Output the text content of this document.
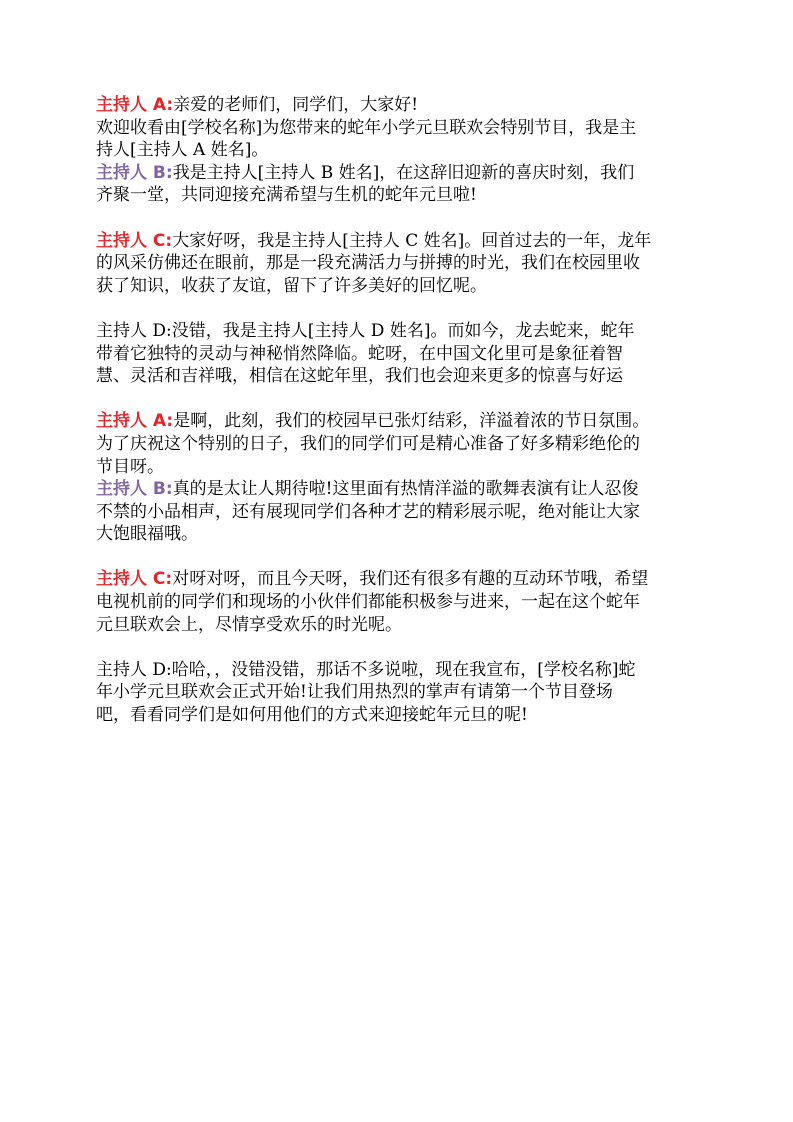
主持人 A:亲爱的老师们，同学们，大家好!
欢迎收看由[学校名称]为您带来的蛇年小学元旦联欢会特别节目，我是主
持人[主持人 A 姓名]。
主持人 B:我是主持人[主持人 B 姓名]，在这辞旧迎新的喜庆时刻，我们
齐聚一堂，共同迎接充满希望与生机的蛇年元旦啦!
主持人 C:大家好呀，我是主持人[主持人 C 姓名]。回首过去的一年，龙年
的风采仿佛还在眼前，那是一段充满活力与拼搏的时光，我们在校园里收
获了知识，收获了友谊，留下了许多美好的回忆呢。
主持人 D:没错，我是主持人[主持人 D 姓名]。而如今，龙去蛇来，蛇年
带着它独特的灵动与神秘悄然降临。蛇呀，在中国文化里可是象征着智
慧、灵活和吉祥哦，相信在这蛇年里，我们也会迎来更多的惊喜与好运
主持人 A:是啊，此刻，我们的校园早已张灯结彩，洋溢着浓的节日氛围。
为了庆祝这个特别的日子，我们的同学们可是精心准备了好多精彩绝伦的
节目呀。
主持人 B:真的是太让人期待啦!这里面有热情洋溢的歌舞表演有让人忍俊
不禁的小品相声，还有展现同学们各种才艺的精彩展示呢，绝对能让大家
大饱眼福哦。
主持人 C:对呀对呀，而且今天呀，我们还有很多有趣的互动环节哦，希望
电视机前的同学们和现场的小伙伴们都能积极参与进来，一起在这个蛇年
元旦联欢会上，尽情享受欢乐的时光呢。
主持人 D:哈哈，，没错没错，那话不多说啦，现在我宣布，[学校名称]蛇
年小学元旦联欢会正式开始!让我们用热烈的掌声有请第一个节目登场
吧，看看同学们是如何用他们的方式来迎接蛇年元旦的呢!
